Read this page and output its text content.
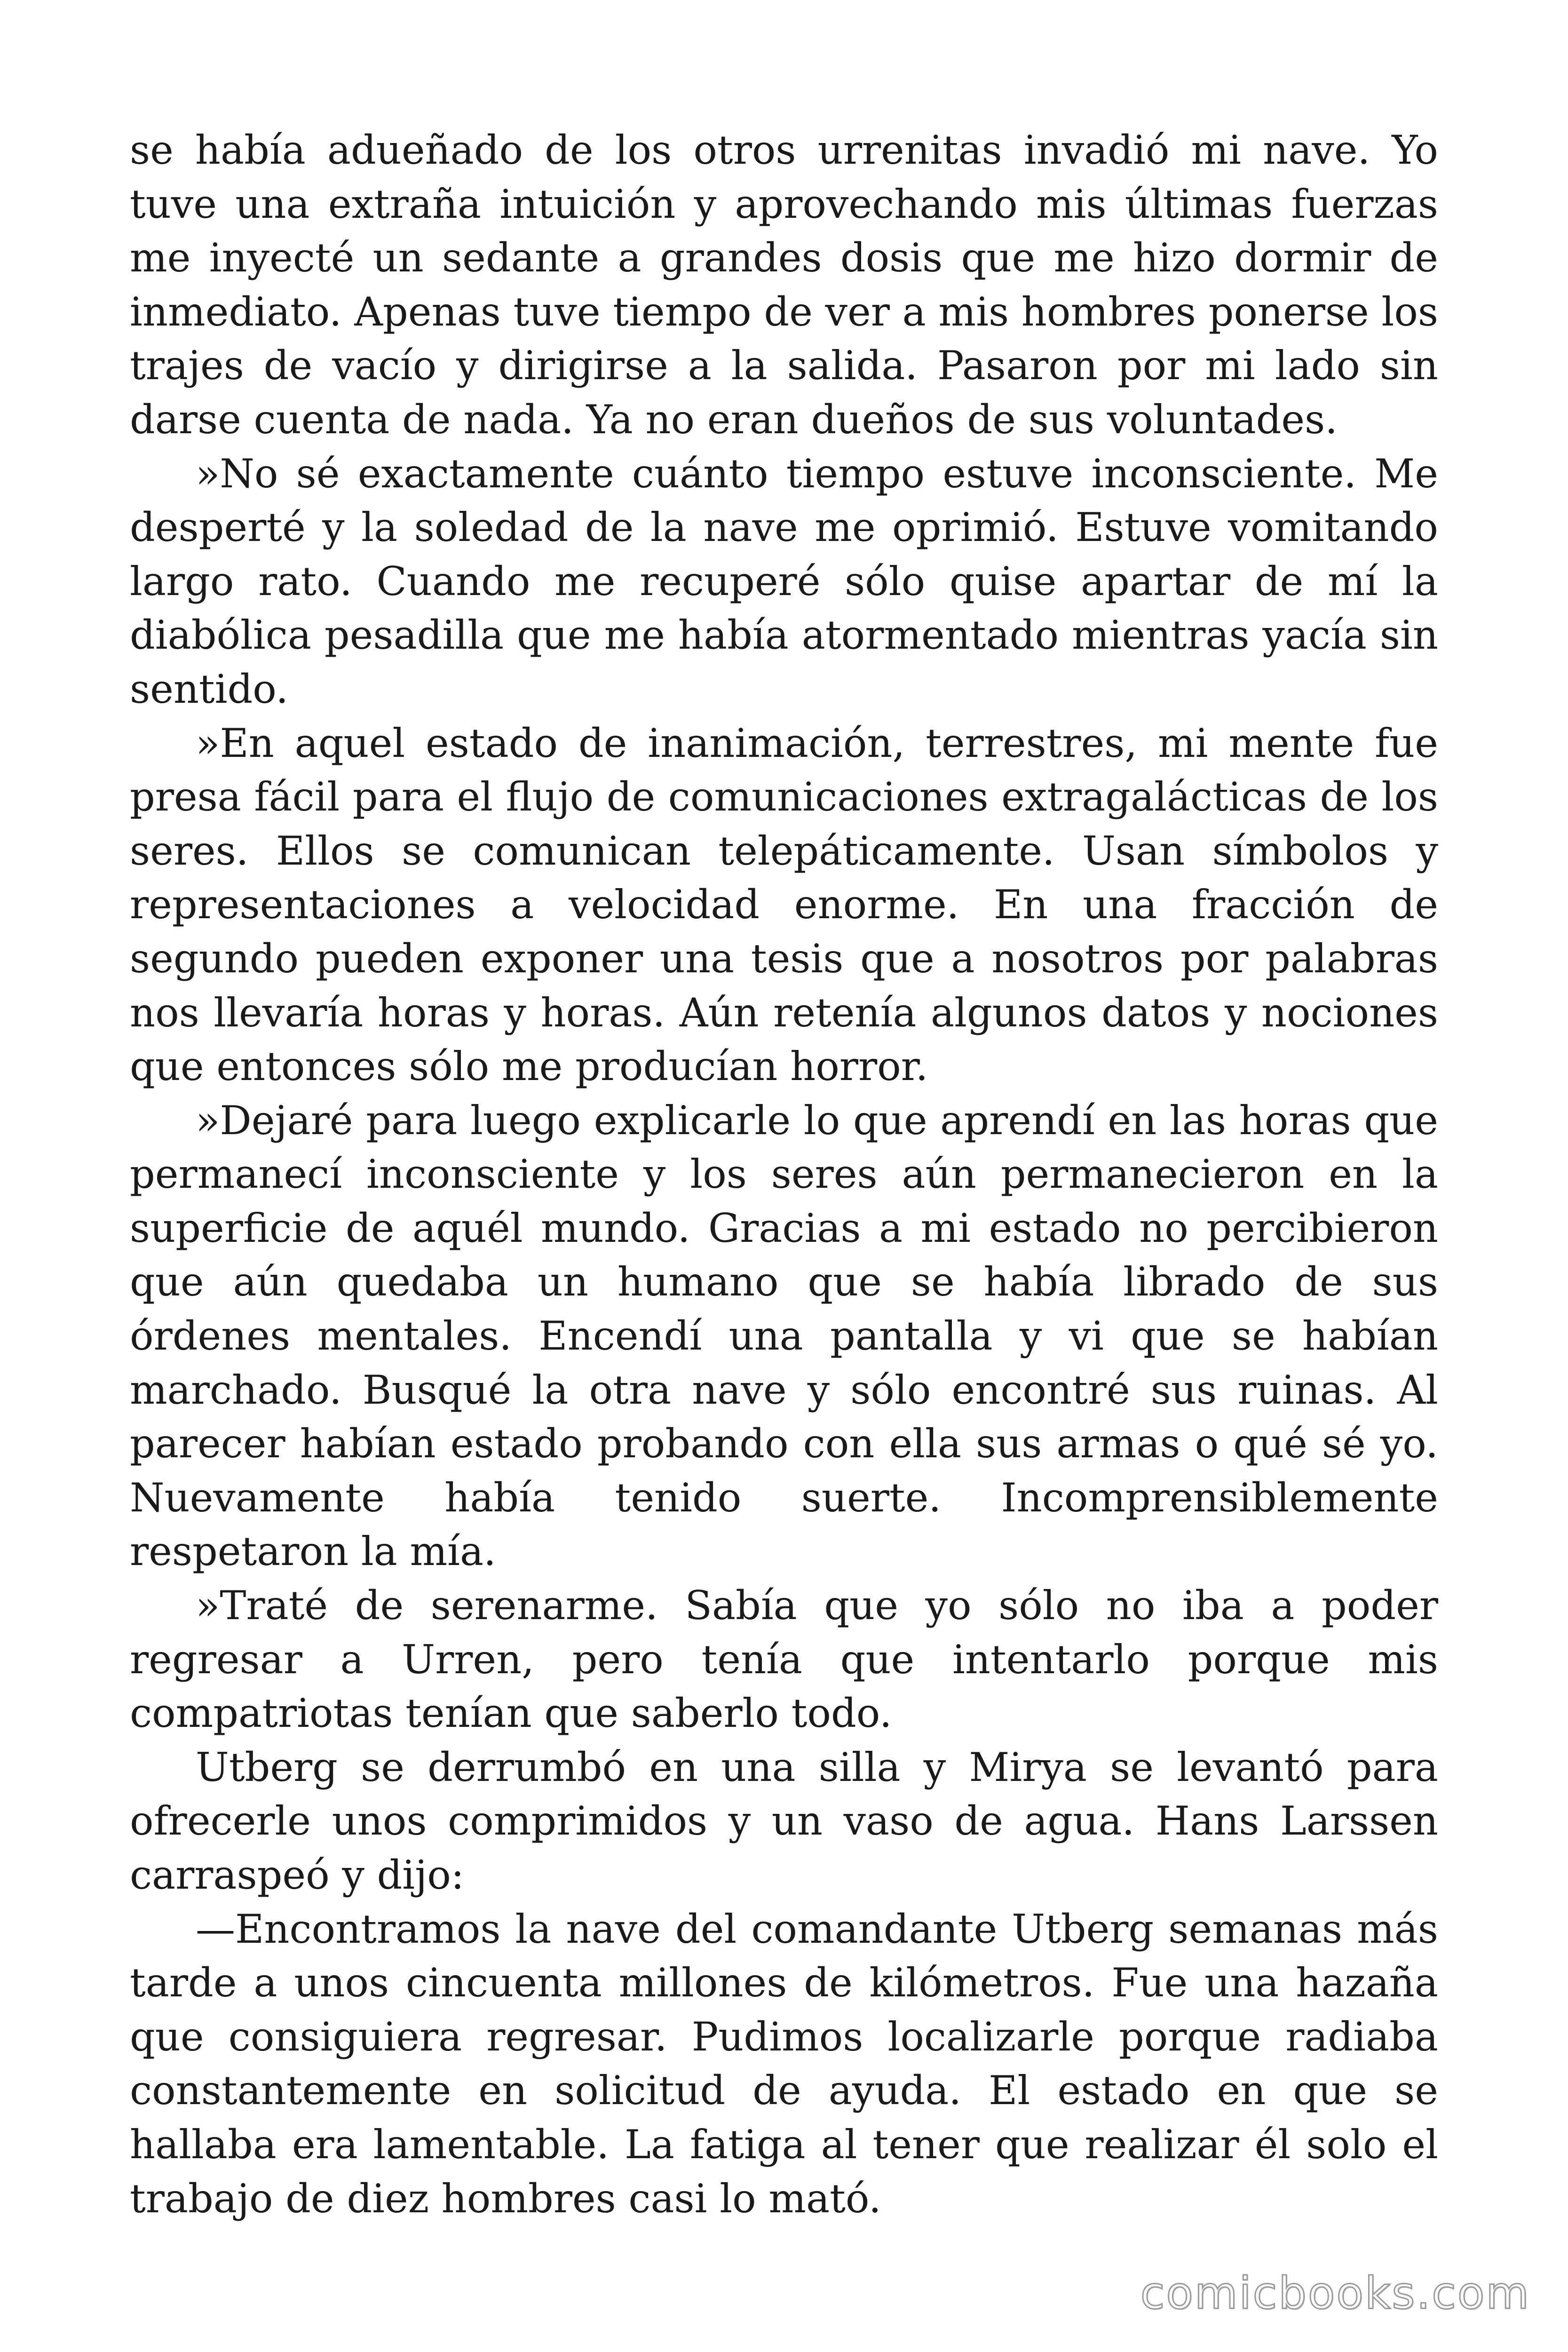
se había adueñado de los otros urrenitas invadió mi nave. Yo tuve una extraña intuición y aprovechando mis últimas fuerzas me inyecté un sedante a grandes dosis que me hizo dormir de inmediato. Apenas tuve tiempo de ver a mis hombres ponerse los trajes de vacío y dirigirse a la salida. Pasaron por mi lado sin darse cuenta de nada. Ya no eran dueños de sus voluntades.

»No sé exactamente cuánto tiempo estuve inconsciente. Me desperté y la soledad de la nave me oprimió. Estuve vomitando largo rato. Cuando me recuperé sólo quise apartar de mí la diabólica pesadilla que me había atormentado mientras yacía sin sentido.

»En aquel estado de inanimación, terrestres, mi mente fue presa fácil para el flujo de comunicaciones extragalácticas de los seres. Ellos se comunican telepáticamente. Usan símbolos y representaciones a velocidad enorme. En una fracción de segundo pueden exponer una tesis que a nosotros por palabras nos llevaría horas y horas. Aún retenía algunos datos y nociones que entonces sólo me producían horror.

»Dejaré para luego explicarle lo que aprendí en las horas que permanecí inconsciente y los seres aún permanecieron en la superficie de aquél mundo. Gracias a mi estado no percibieron que aún quedaba un humano que se había librado de sus órdenes mentales. Encendí una pantalla y vi que se habían marchado. Busqué la otra nave y sólo encontré sus ruinas. Al parecer habían estado probando con ella sus armas o qué sé yo. Nuevamente había tenido suerte. Incomprensiblemente respetaron la mía.

»Traté de serenarme. Sabía que yo sólo no iba a poder regresar a Urren, pero tenía que intentarlo porque mis compatriotas tenían que saberlo todo.

Utberg se derrumbó en una silla y Mirya se levantó para ofrecerle unos comprimidos y un vaso de agua. Hans Larssen carraspeó y dijo:

—Encontramos la nave del comandante Utberg semanas más tarde a unos cincuenta millones de kilómetros. Fue una hazaña que consiguiera regresar. Pudimos localizarle porque radiaba constantemente en solicitud de ayuda. El estado en que se hallaba era lamentable. La fatiga al tener que realizar él solo el trabajo de diez hombres casi lo mató.

comicbooks.com
